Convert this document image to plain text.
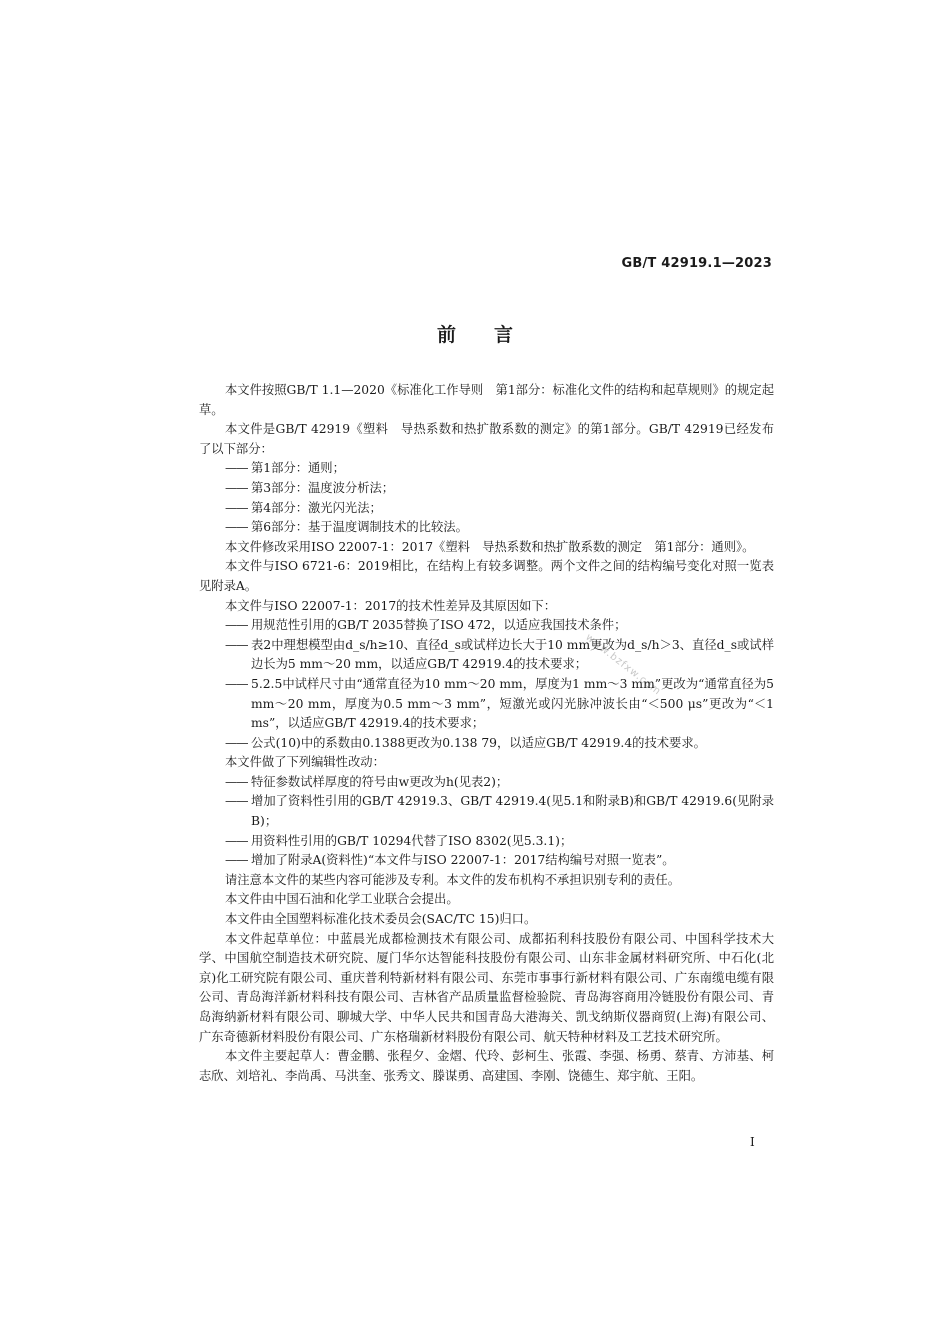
GB/T 42919.1—2023
前言
www.bzfxw.com
本文件按照GB/T 1.1—2020《标准化工作导则　第1部分：标准化文件的结构和起草规则》的规定起草。
本文件是GB/T 42919《塑料　导热系数和热扩散系数的测定》的第1部分。GB/T 42919已经发布了以下部分：
—— 第1部分：通则；
—— 第3部分：温度波分析法；
—— 第4部分：激光闪光法；
—— 第6部分：基于温度调制技术的比较法。
本文件修改采用ISO 22007-1：2017《塑料　导热系数和热扩散系数的测定　第1部分：通则》。
本文件与ISO 6721-6：2019相比，在结构上有较多调整。两个文件之间的结构编号变化对照一览表见附录A。
本文件与ISO 22007-1：2017的技术性差异及其原因如下：
—— 用规范性引用的GB/T 2035替换了ISO 472，以适应我国技术条件；
—— 表2中理想模型由d_s/h≥10、直径d_s或试样边长大于10 mm更改为d_s/h＞3、直径d_s或试样边长为5 mm～20 mm，以适应GB/T 42919.4的技术要求；
—— 5.2.5中试样尺寸由“通常直径为10 mm～20 mm，厚度为1 mm～3 mm”更改为“通常直径为5 mm～20 mm，厚度为0.5 mm～3 mm”，短激光或闪光脉冲波长由“＜500 μs”更改为“＜1 ms”，以适应GB/T 42919.4的技术要求；
—— 公式(10)中的系数由0.1388更改为0.138 79，以适应GB/T 42919.4的技术要求。
本文件做了下列编辑性改动：
—— 特征参数试样厚度的符号由w更改为h(见表2)；
—— 增加了资料性引用的GB/T 42919.3、GB/T 42919.4(见5.1和附录B)和GB/T 42919.6(见附录B)；
—— 用资料性引用的GB/T 10294代替了ISO 8302(见5.3.1)；
—— 增加了附录A(资料性)“本文件与ISO 22007-1：2017结构编号对照一览表”。
请注意本文件的某些内容可能涉及专利。本文件的发布机构不承担识别专利的责任。
本文件由中国石油和化学工业联合会提出。
本文件由全国塑料标准化技术委员会(SAC/TC 15)归口。
本文件起草单位：中蓝晨光成都检测技术有限公司、成都拓利科技股份有限公司、中国科学技术大学、中国航空制造技术研究院、厦门华尔达智能科技股份有限公司、山东非金属材料研究所、中石化(北京)化工研究院有限公司、重庆普利特新材料有限公司、东莞市事事行新材料有限公司、广东南缆电缆有限公司、青岛海洋新材料科技有限公司、吉林省产品质量监督检验院、青岛海容商用冷链股份有限公司、青岛海纳新材料有限公司、聊城大学、中华人民共和国青岛大港海关、凯戈纳斯仪器商贸(上海)有限公司、广东奇德新材料股份有限公司、广东格瑞新材料股份有限公司、航天特种材料及工艺技术研究所。
本文件主要起草人：曹金鹏、张程夕、金熠、代玲、彭柯生、张霞、李强、杨勇、蔡青、方沛基、柯志欣、刘培礼、李尚禹、马洪奎、张秀文、滕谋勇、高建国、李刚、饶德生、郑宇航、王阳。
I
